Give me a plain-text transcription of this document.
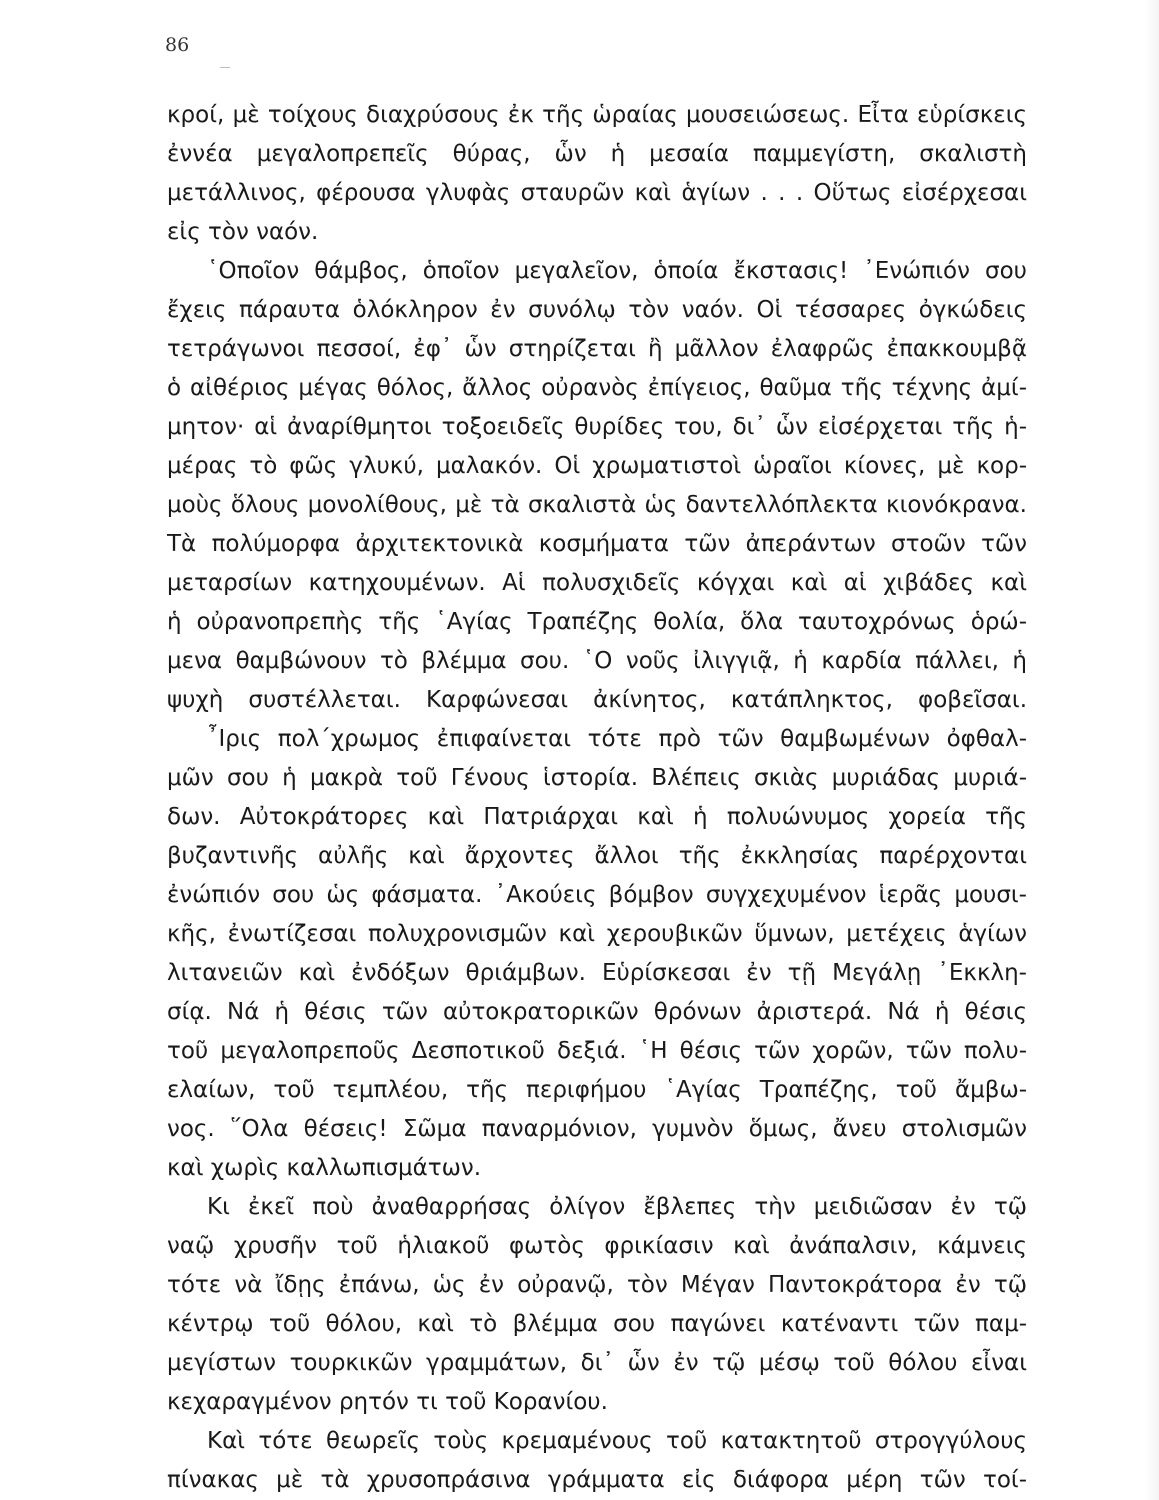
86
κροί, μὲ τοίχους διαχρύσους ἐκ τῆς ὡραίας μουσειώσεως. Εἶτα εὑρίσκεις
ἐννέα μεγαλοπρεπεῖς θύρας, ὧν ἡ μεσαία παμμεγίστη, σκαλιστὴ
μετάλλινος, φέρουσα γλυφὰς σταυρῶν καὶ ἁγίων . . . Οὕτως εἰσέρχεσαι
εἰς τὸν ναόν.
῾Οποῖον θάμβος, ὁποῖον μεγαλεῖον, ὁποία ἔκστασις! ᾿Ενώπιόν σου
ἔχεις πάραυτα ὁλόκληρον ἐν συνόλῳ τὸν ναόν. Οἱ τέσσαρες ὀγκώδεις
τετράγωνοι πεσσοί, ἐφ᾿ ὧν στηρίζεται ἢ μᾶλλον ἐλαφρῶς ἐπακκουμβᾷ
ὁ αἰθέριος μέγας θόλος, ἄλλος οὐρανὸς ἐπίγειος, θαῦμα τῆς τέχνης ἀμί-
μητον· αἱ ἀναρίθμητοι τοξοειδεῖς θυρίδες του, δι᾿ ὧν εἰσέρχεται τῆς ἡ-
μέρας τὸ φῶς γλυκύ, μαλακόν. Οἱ χρωματιστοὶ ὡραῖοι κίονες, μὲ κορ-
μοὺς ὅλους μονολίθους, μὲ τὰ σκαλιστὰ ὡς δαντελλόπλεκτα κιονόκρανα.
Τὰ πολύμορφα ἀρχιτεκτονικὰ κοσμήματα τῶν ἀπεράντων στοῶν τῶν
μεταρσίων κατηχουμένων. Αἱ πολυσχιδεῖς κόγχαι καὶ αἱ χιβάδες καὶ
ἡ οὐρανοπρεπὴς τῆς ῾Αγίας Τραπέζης θολία, ὅλα ταυτοχρόνως ὁρώ-
μενα θαμβώνουν τὸ βλέμμα σου. ῾Ο νοῦς ἰλιγγιᾷ, ἡ καρδία πάλλει, ἡ
ψυχὴ συστέλλεται. Καρφώνεσαι ἀκίνητος, κατάπληκτος, φοβεῖσαι.
῏Ιρις πολ΄χρωμος ἐπιφαίνεται τότε πρὸ τῶν θαμβωμένων ὀφθαλ-
μῶν σου ἡ μακρὰ τοῦ Γένους ἱστορία. Βλέπεις σκιὰς μυριάδας μυριά-
δων. Αὐτοκράτορες καὶ Πατριάρχαι καὶ ἡ πολυώνυμος χορεία τῆς
βυζαντινῆς αὐλῆς καὶ ἄρχοντες ἄλλοι τῆς ἐκκλησίας παρέρχονται
ἐνώπιόν σου ὡς φάσματα. ᾿Ακούεις βόμβον συγχεχυμένον ἱερᾶς μουσι-
κῆς, ἐνωτίζεσαι πολυχρονισμῶν καὶ χερουβικῶν ὕμνων, μετέχεις ἁγίων
λιτανειῶν καὶ ἐνδόξων θριάμβων. Εὑρίσκεσαι ἐν τῇ Μεγάλῃ ᾿Εκκλη-
σίᾳ. Νά ἡ θέσις τῶν αὐτοκρατορικῶν θρόνων ἀριστερά. Νά ἡ θέσις
τοῦ μεγαλοπρεποῦς Δεσποτικοῦ δεξιά. ῾Η θέσις τῶν χορῶν, τῶν πολυ-
ελαίων, τοῦ τεμπλέου, τῆς περιφήμου ῾Αγίας Τραπέζης, τοῦ ἄμβω-
νος. ῞Ολα θέσεις! Σῶμα παναρμόνιον, γυμνὸν ὅμως, ἄνευ στολισμῶν
καὶ χωρὶς καλλωπισμάτων.
Κι ἐκεῖ ποὺ ἀναθαρρήσας ὀλίγον ἔβλεπες τὴν μειδιῶσαν ἐν τῷ
ναῷ χρυσῆν τοῦ ἡλιακοῦ φωτὸς φρικίασιν καὶ ἀνάπαλσιν, κάμνεις
τότε νὰ ἴδῃς ἐπάνω, ὡς ἐν οὐρανῷ, τὸν Μέγαν Παντοκράτορα ἐν τῷ
κέντρῳ τοῦ θόλου, καὶ τὸ βλέμμα σου παγώνει κατέναντι τῶν παμ-
μεγίστων τουρκικῶν γραμμάτων, δι᾿ ὧν ἐν τῷ μέσῳ τοῦ θόλου εἶναι
κεχαραγμένον ρητόν τι τοῦ Κορανίου.
Καὶ τότε θεωρεῖς τοὺς κρεμαμένους τοῦ κατακτητοῦ στρογγύλους
πίνακας μὲ τὰ χρυσοπράσινα γράμματα εἰς διάφορα μέρη τῶν τοί-
